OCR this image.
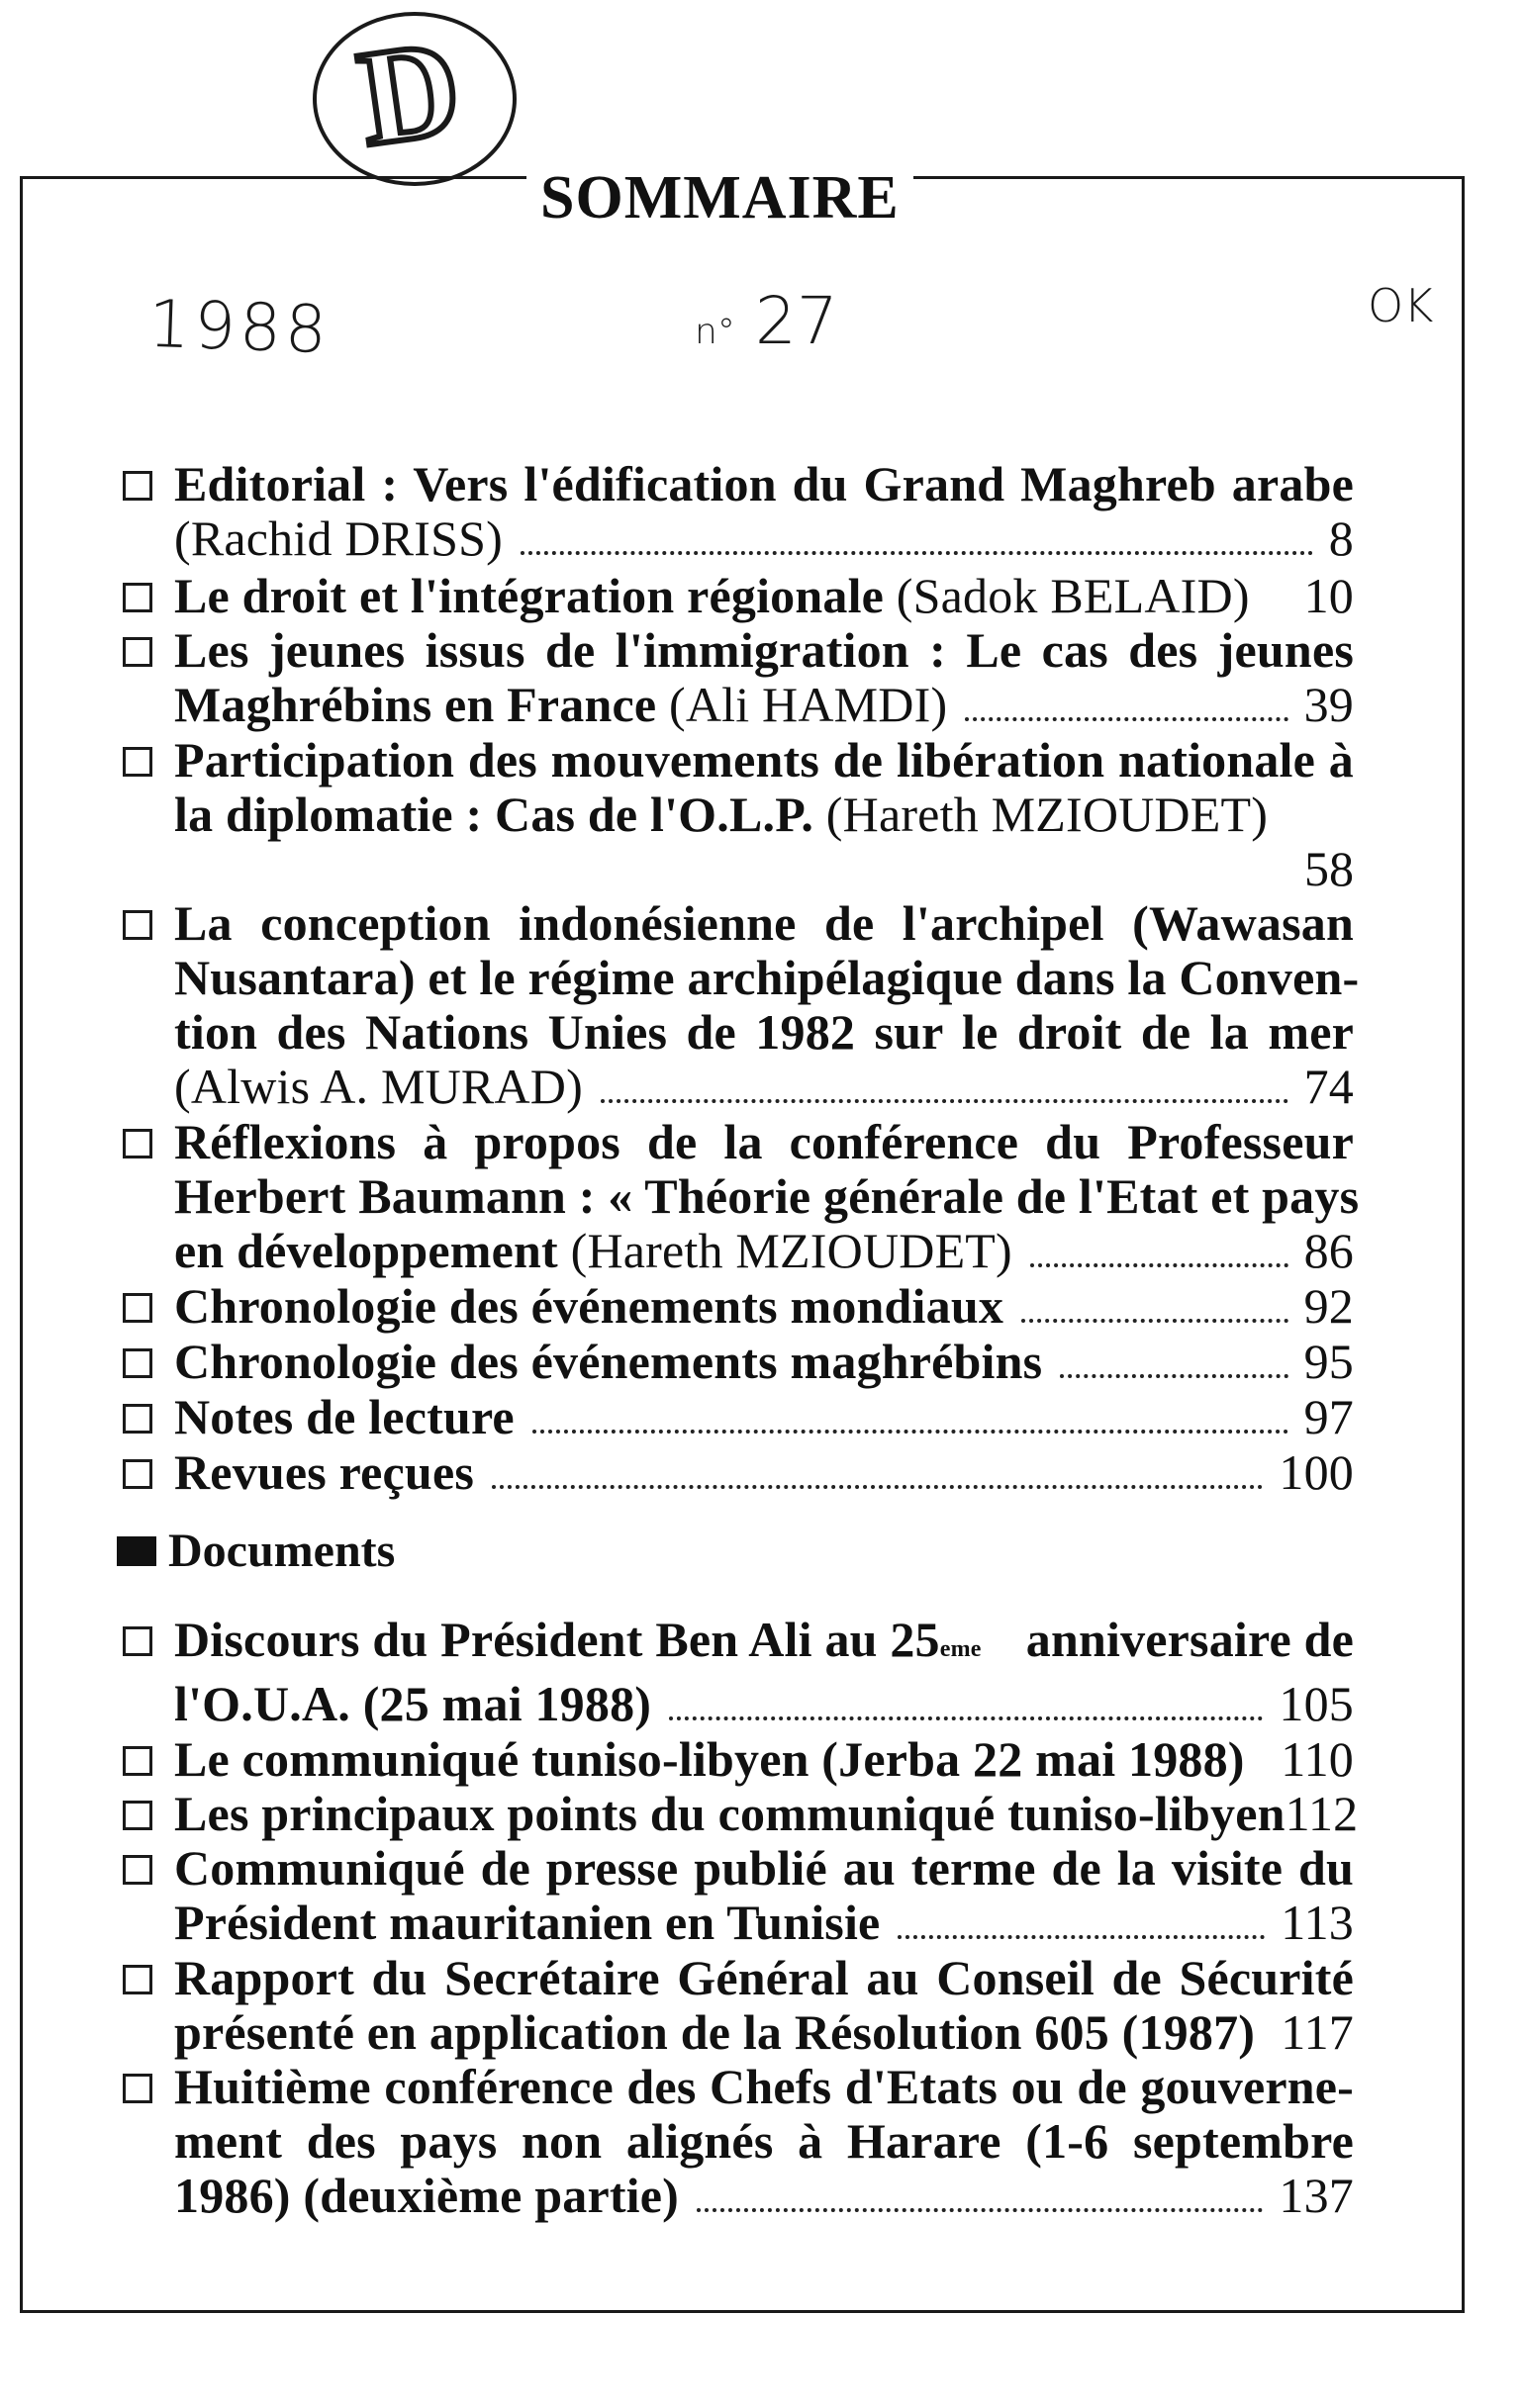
D
SOMMAIRE
1988	n° 27	OK
Editorial : Vers l'édification du Grand Maghreb arabe
(Rachid DRISS)	8
Le droit et l'intégration régionale
(Sadok BELAID) 10
Les jeunes issus de l'immigration : Le cas des jeunes
Maghrébins en France
(Ali HAMDI)	39
Participation des mouvements de libération nationale à
la diplomatie : Cas de l'O.L.P.
(Hareth MZIOUDET)
58
La conception indonésienne de l'archipel (Wawasan
Nusantara) et le régime archipélagique dans la Conven-
tion des Nations Unies de 1982 sur le droit de la mer
(Alwis A. MURAD)	74
Réflexions à propos de la conférence du Professeur
Herbert Baumann : « Théorie générale de l'Etat et pays
en développement
(Hareth MZIOUDET)	86
Chronologie des événements mondiaux	92
Chronologie des événements maghrébins	95
Notes de lecture	97
Revues reçues	100
Documents
Discours du Président Ben Ali au $25_{eme}$ anniversaire de
l'O.U.A. (25 mai 1988)	105
Le communiqué tuniso-libyen (Jerba 22 mai 1988) 110
Les principaux points du communiqué tuniso-libyen 112
Communiqué de presse publié au terme de la visite du
Président mauritanien en Tunisie	113
Rapport du Secrétaire Général au Conseil de Sécurité
présenté en application de la Résolution 605 (1987) 117
Huitième conférence des Chefs d'Etats ou de gouverne-
ment des pays non alignés à Harare (1-6 septembre
1986) (deuxième partie)	137
